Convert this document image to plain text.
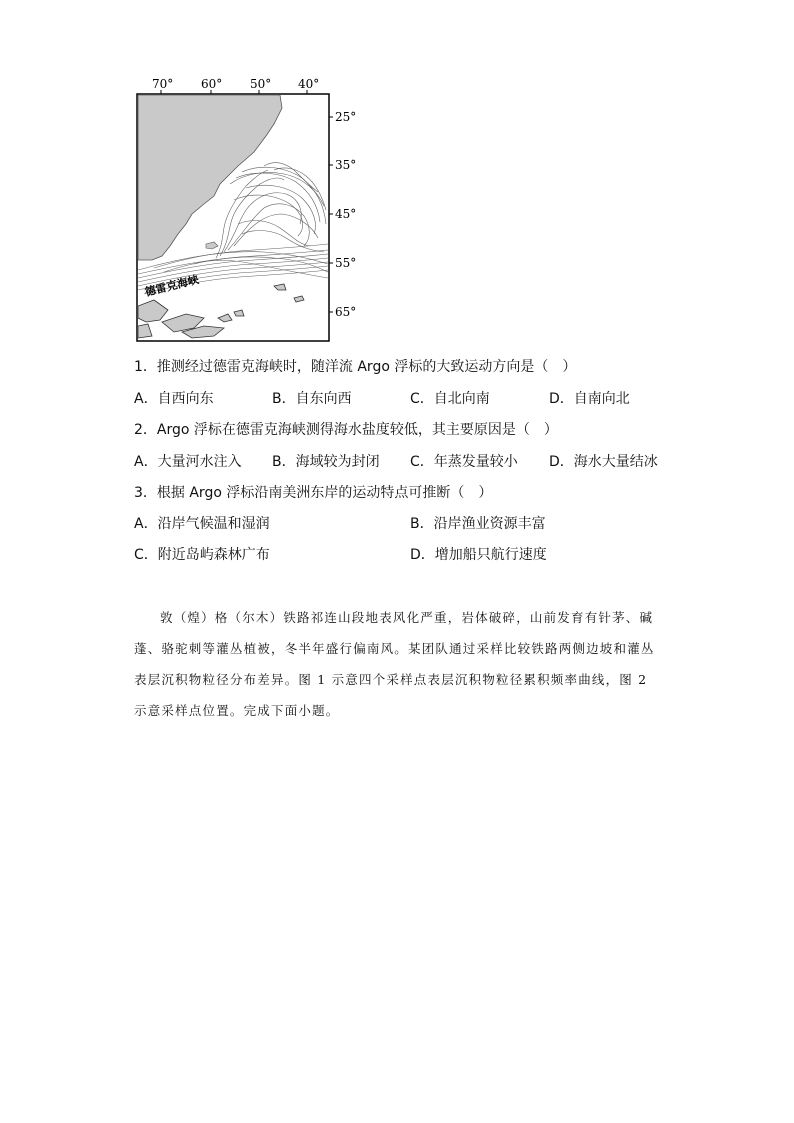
70° 60° 50° 40°
25°
35°
45°
55°
65°
德雷克海峡
1．推测经过德雷克海峡时，随洋流 Argo 浮标的大致运动方向是（　）
A．自西向东	B．自东向西	C．自北向南	D．自南向北
2．Argo 浮标在德雷克海峡测得海水盐度较低，其主要原因是（　）
A．大量河水注入 B．海域较为封闭 C．年蒸发量较小 D．海水大量结冰
3．根据 Argo 浮标沿南美洲东岸的运动特点可推断（　）
A．沿岸气候温和湿润	B．沿岸渔业资源丰富
C．附近岛屿森林广布	D．增加船只航行速度
敦（煌）格（尔木）铁路祁连山段地表风化严重，岩体破碎，山前发育有针茅、碱蓬、骆驼刺等灌丛植被，冬半年盛行偏南风。某团队通过采样比较铁路两侧边坡和灌丛表层沉积物粒径分布差异。图 1 示意四个采样点表层沉积物粒径累积频率曲线，图 2 示意采样点位置。完成下面小题。
